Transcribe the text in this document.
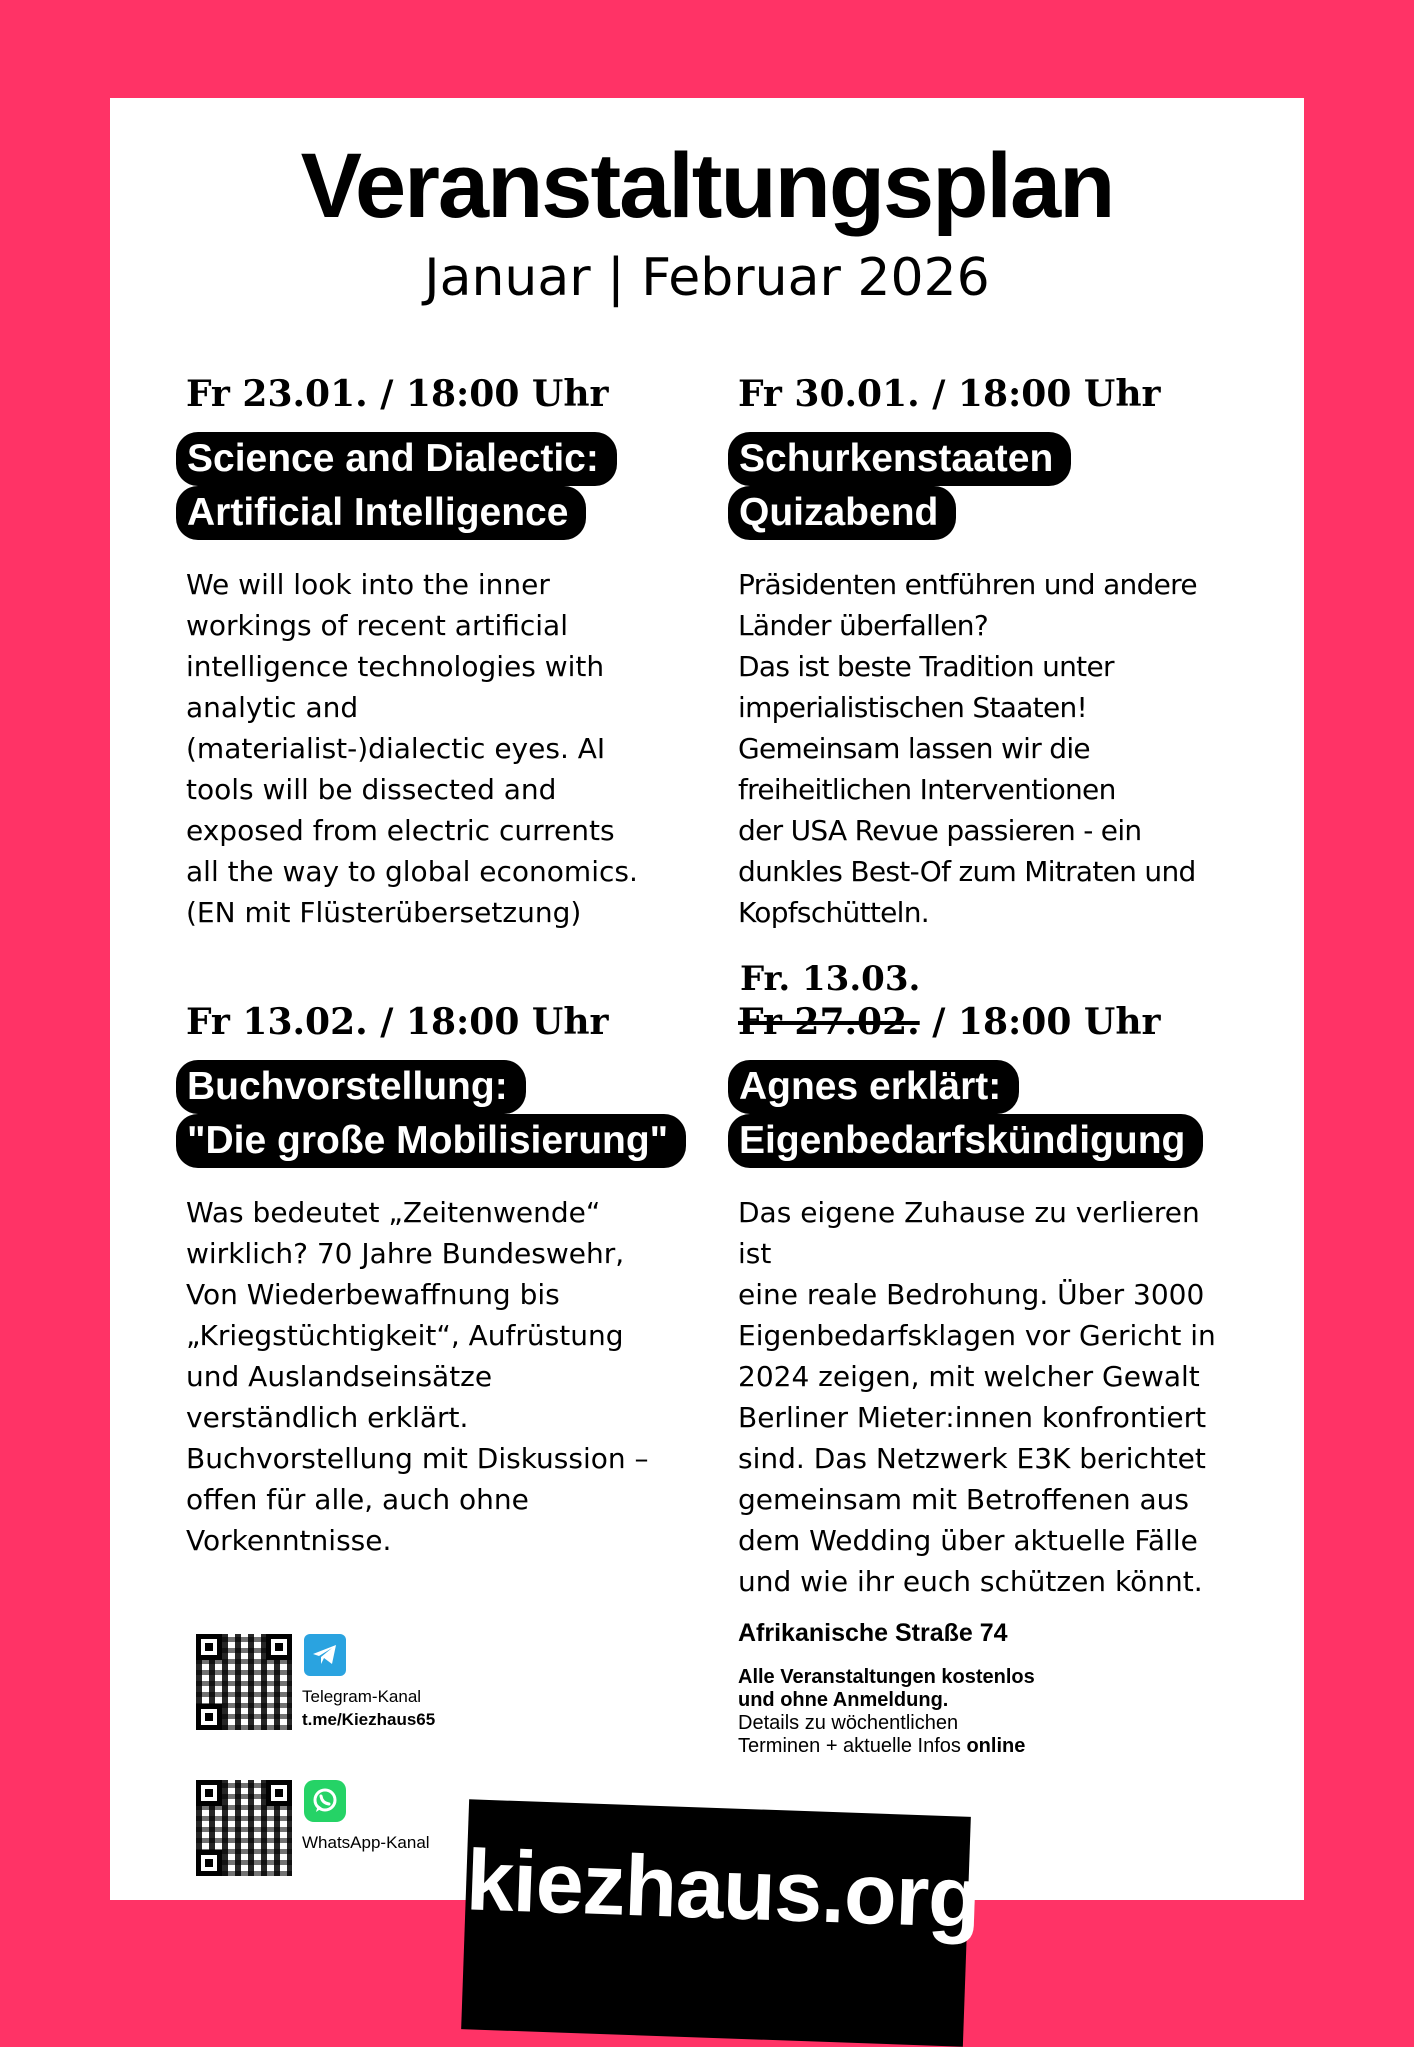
Veranstaltungsplan
Januar | Februar 2026
Fr 23.01. / 18:00 Uhr
Science and Dialectic:
Artificial Intelligence
We will look into the inner
workings of recent artificial
intelligence technologies with
analytic and
(materialist-)dialectic eyes. AI
tools will be dissected and
exposed from electric currents
all the way to global economics.
(EN mit Flüsterübersetzung)
Fr 30.01. / 18:00 Uhr
Schurkenstaaten
Quizabend
Präsidenten entführen und andere
Länder überfallen?
Das ist beste Tradition unter
imperialistischen Staaten!
Gemeinsam lassen wir die
freiheitlichen Interventionen
der USA Revue passieren - ein
dunkles Best-Of zum Mitraten und
Kopfschütteln.
Fr 13.02. / 18:00 Uhr
Buchvorstellung:
"Die große Mobilisierung"
Was bedeutet „Zeitenwende“
wirklich? 70 Jahre Bundeswehr,
Von Wiederbewaffnung bis
„Kriegstüchtigkeit“, Aufrüstung
und Auslandseinsätze
verständlich erklärt.
Buchvorstellung mit Diskussion –
offen für alle, auch ohne
Vorkenntnisse.
Fr. 13.03.
Fr 27.02. / 18:00 Uhr
Agnes erklärt:
Eigenbedarfskündigung
Das eigene Zuhause zu verlieren ist
eine reale Bedrohung. Über 3000
Eigenbedarfsklagen vor Gericht in
2024 zeigen, mit welcher Gewalt
Berliner Mieter:innen konfrontiert
sind. Das Netzwerk E3K berichtet
gemeinsam mit Betroffenen aus
dem Wedding über aktuelle Fälle
und wie ihr euch schützen könnt.
Telegram-Kanal
t.me/Kiezhaus65
WhatsApp-Kanal
Afrikanische Straße 74
Alle Veranstaltungen kostenlos
und ohne Anmeldung.
Details zu wöchentlichen
Terminen + aktuelle Infos online
kiezhaus.org
